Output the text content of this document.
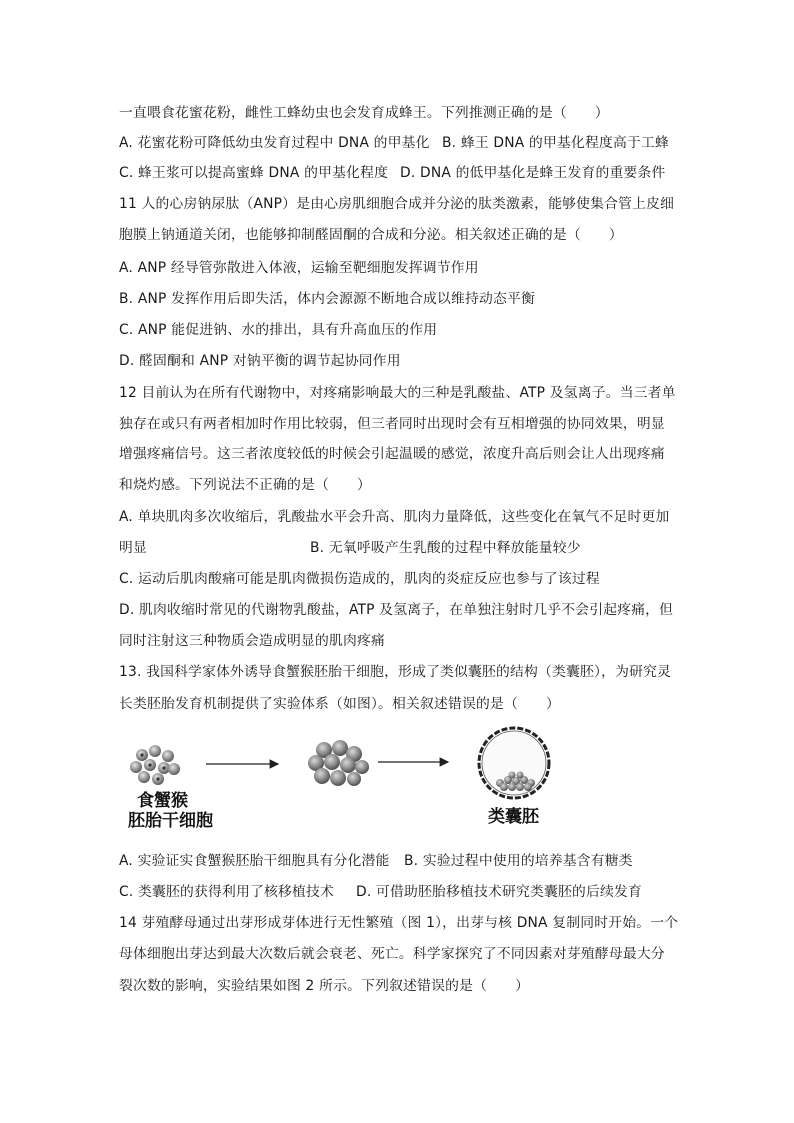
一直喂食花蜜花粉，雌性工蜂幼虫也会发育成蜂王。下列推测正确的是（　　）
A. 花蜜花粉可降低幼虫发育过程中 DNA 的甲基化 B. 蜂王 DNA 的甲基化程度高于工蜂
C. 蜂王浆可以提高蜜蜂 DNA 的甲基化程度 D. DNA 的低甲基化是蜂王发育的重要条件
11 人的心房钠尿肽（ANP）是由心房肌细胞合成并分泌的肽类激素，能够使集合管上皮细
胞膜上钠通道关闭，也能够抑制醛固酮的合成和分泌。相关叙述正确的是（　　）
A. ANP 经导管弥散进入体液，运输至靶细胞发挥调节作用
B. ANP 发挥作用后即失活，体内会源源不断地合成以维持动态平衡
C. ANP 能促进钠、水的排出，具有升高血压的作用
D. 醛固酮和 ANP 对钠平衡的调节起协同作用
12 目前认为在所有代谢物中，对疼痛影响最大的三种是乳酸盐、ATP 及氢离子。当三者单
独存在或只有两者相加时作用比较弱，但三者同时出现时会有互相增强的协同效果，明显
增强疼痛信号。这三者浓度较低的时候会引起温暖的感觉，浓度升高后则会让人出现疼痛
和烧灼感。下列说法不正确的是（　　）
A. 单块肌肉多次收缩后，乳酸盐水平会升高、肌肉力量降低，这些变化在氧气不足时更加
明显	B. 无氧呼吸产生乳酸的过程中释放能量较少
C. 运动后肌肉酸痛可能是肌肉微损伤造成的，肌肉的炎症反应也参与了该过程
D. 肌肉收缩时常见的代谢物乳酸盐，ATP 及氢离子，在单独注射时几乎不会引起疼痛，但
同时注射这三种物质会造成明显的肌肉疼痛
13. 我国科学家体外诱导食蟹猴胚胎干细胞，形成了类似囊胚的结构（类囊胚），为研究灵
长类胚胎发育机制提供了实验体系（如图）。相关叙述错误的是（　　）
食蟹猴
胚胎干细胞	类囊胚
A. 实验证实食蟹猴胚胎干细胞具有分化潜能 B. 实验过程中使用的培养基含有糖类
C. 类囊胚的获得利用了核移植技术 D. 可借助胚胎移植技术研究类囊胚的后续发育
14 芽殖酵母通过出芽形成芽体进行无性繁殖（图 1），出芽与核 DNA 复制同时开始。一个
母体细胞出芽达到最大次数后就会衰老、死亡。科学家探究了不同因素对芽殖酵母最大分
裂次数的影响，实验结果如图 2 所示。下列叙述错误的是（　　）
